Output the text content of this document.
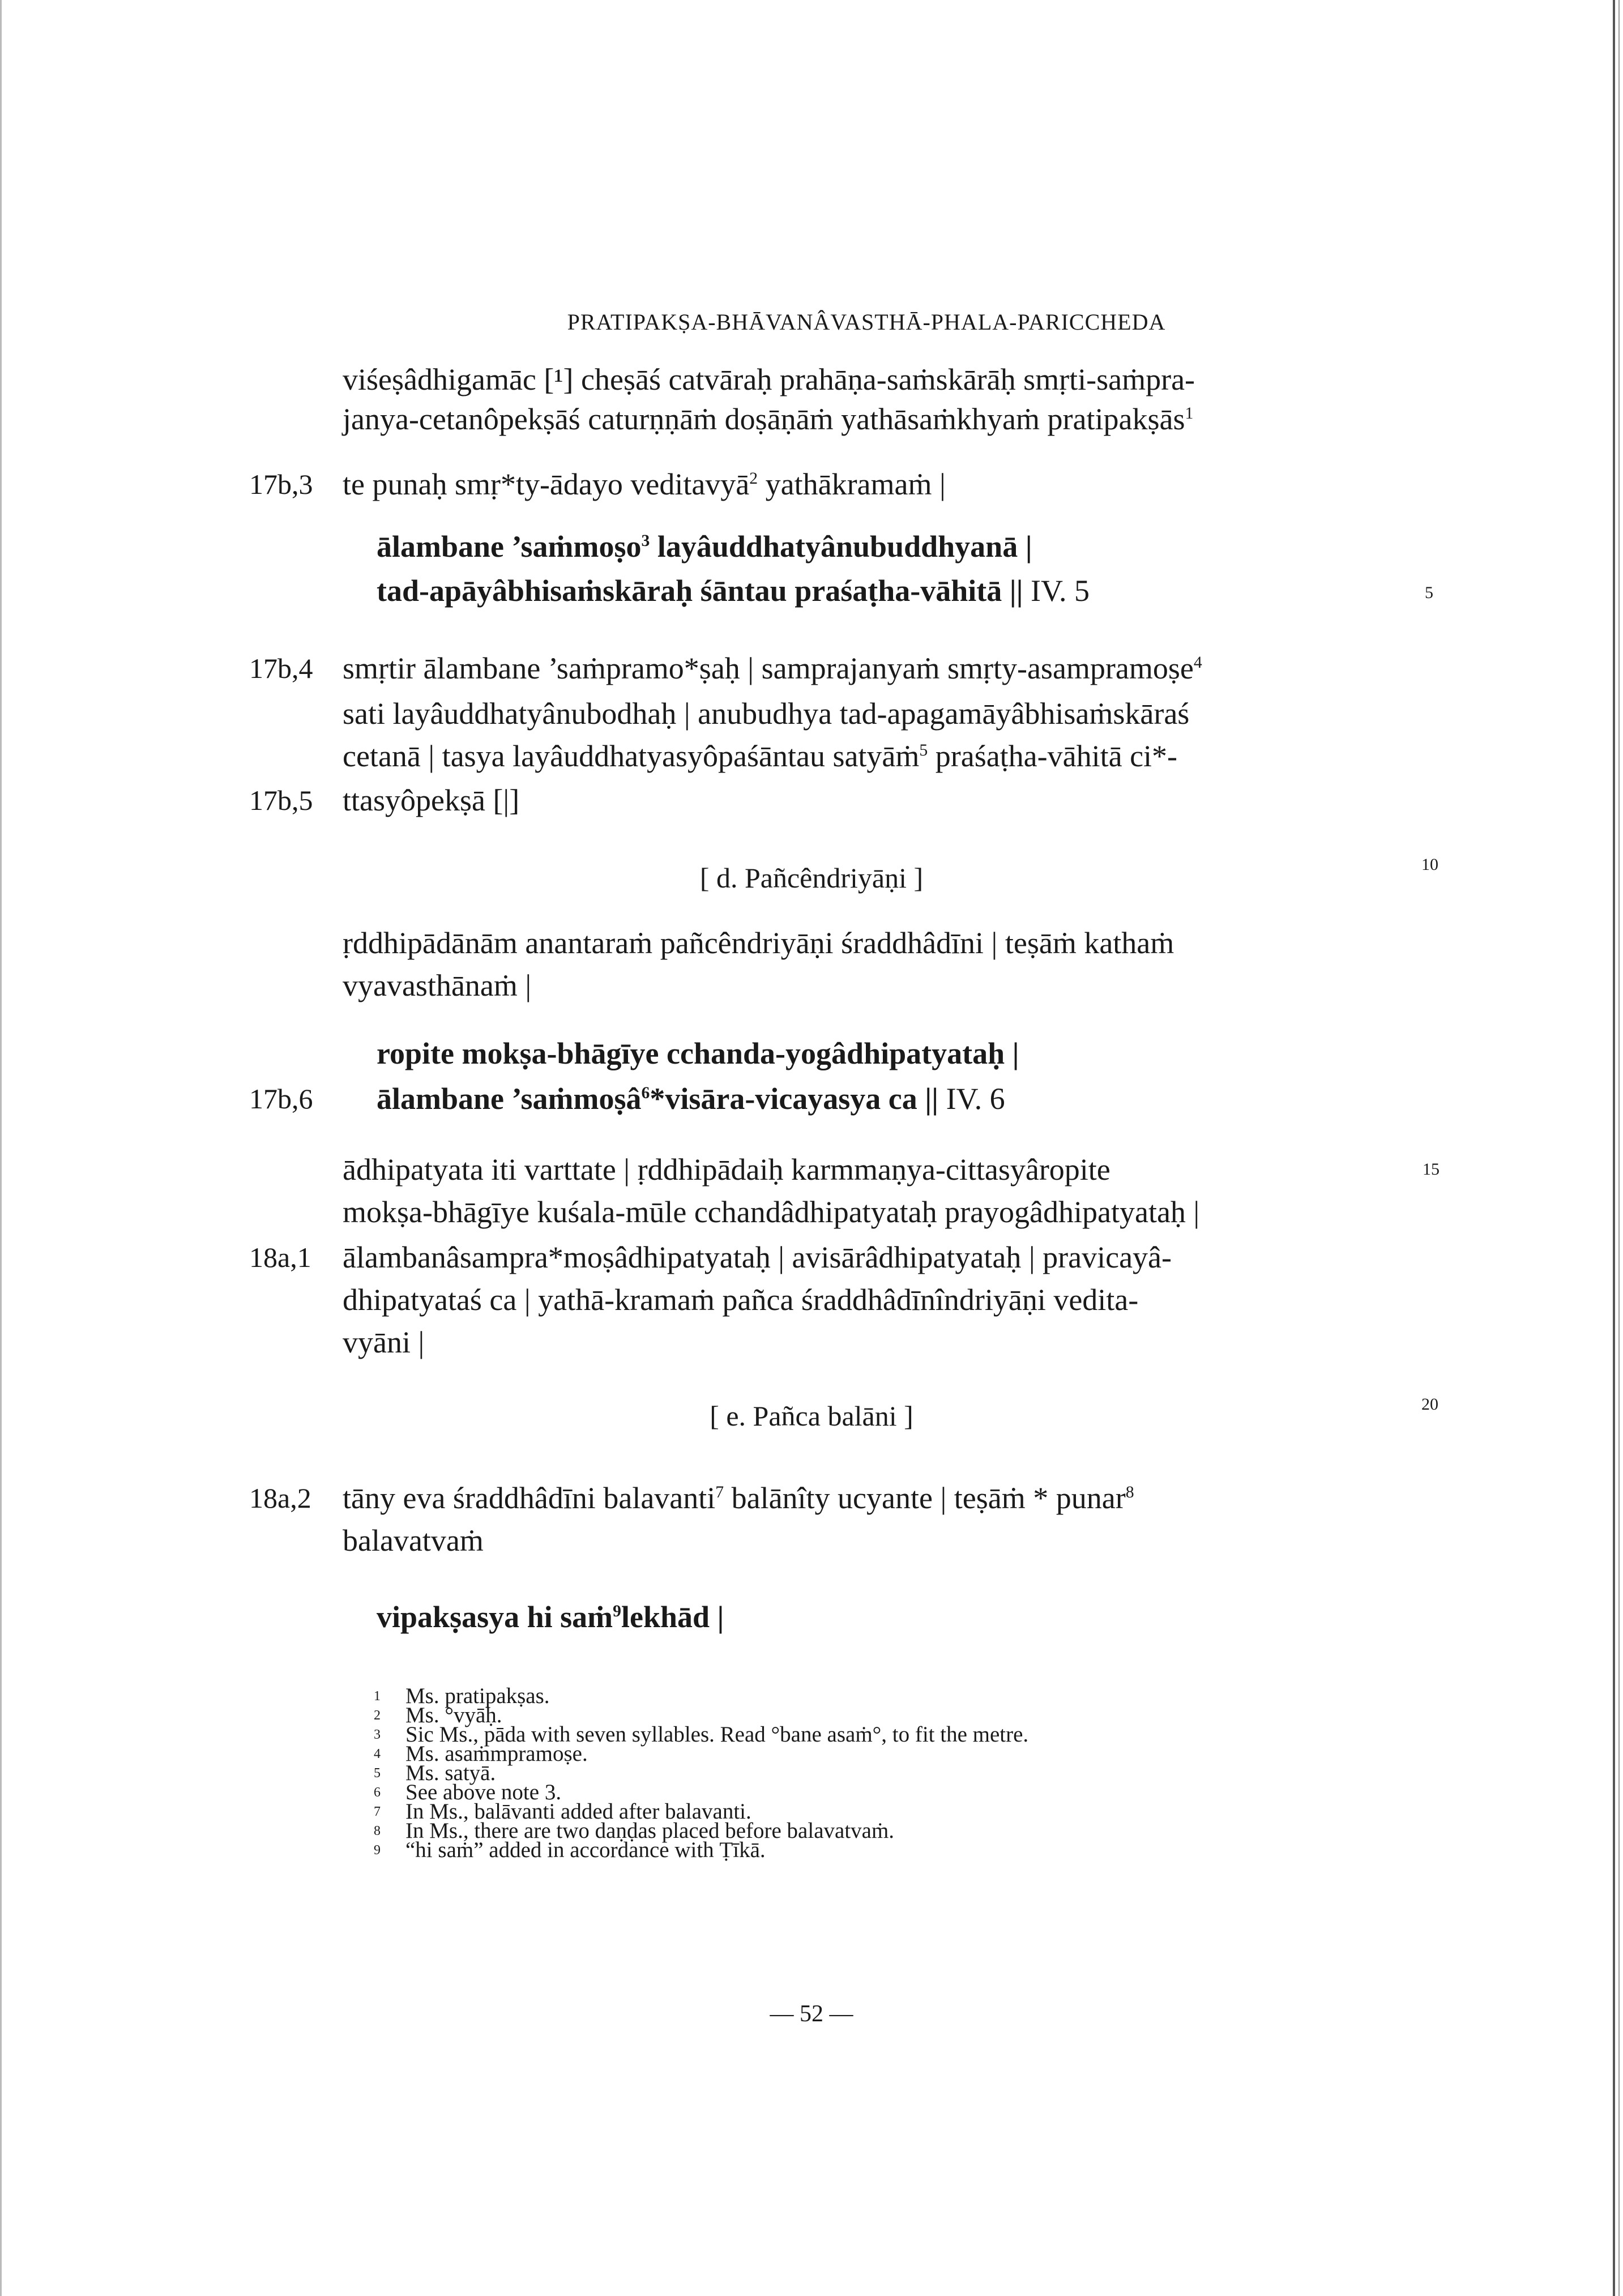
PRATIPAKṢA-BHĀVANÂVASTHĀ-PHALA-PARICCHEDA
viśeṣâdhigamāc [¹] cheṣāś catvāraḥ prahāṇa-saṁskārāḥ smṛti-saṁpra-
janya-cetanôpekṣāś caturṇṇāṁ doṣāṇāṁ yathāsaṁkhyaṁ pratipakṣās$^1$
17b,3 te punaḥ smṛ*ty-ādayo veditavyā$^2$ yathākramaṁ |
ālambane ’saṁmoṣo$^3$ layâuddhatyânubuddhyanā |
tad-apāyâbhisaṁskāraḥ śāntau praśaṭha-vāhitā || IV. 5	5
17b,4 smṛtir ālambane ’saṁpramo*ṣaḥ | samprajanyaṁ smṛty-asampramoṣe$^4$
sati layâuddhatyânubodhaḥ | anubudhya tad-apagamāyâbhisaṁskāraś
cetanā | tasya layâuddhatyasyôpaśāntau satyāṁ$^5$ praśaṭha-vāhitā ci*-
17b,5 ttasyôpekṣā [|]
[ d. Pañcêndriyāṇi ]	10
ṛddhipādānām anantaraṁ pañcêndriyāṇi śraddhâdīni | teṣāṁ kathaṁ
vyavasthānaṁ |
ropite mokṣa-bhāgīye cchanda-yogâdhipatyataḥ |
17b,6 ālambane ’saṁmoṣâ$^6$*visāra-vicayasya ca || IV. 6
ādhipatyata iti varttate | ṛddhipādaiḥ karmmaṇya-cittasyâropite	15
mokṣa-bhāgīye kuśala-mūle cchandâdhipatyataḥ prayogâdhipatyataḥ |
18a,1 ālambanâsampra*moṣâdhipatyataḥ | avisārâdhipatyataḥ | pravicayâ-
dhipatyataś ca | yathā-kramaṁ pañca śraddhâdīnîndriyāṇi vedita-
vyāni |
[ e. Pañca balāni ]	20
18a,2 tāny eva śraddhâdīni balavanti$^7$ balānîty ucyante | teṣāṁ * punar$^8$
balavatvaṁ
vipakṣasya hi saṁ$^9$lekhād |
1 Ms. pratipakṣas.
2 Ms. °vyāḥ.
3 Sic Ms., pāda with seven syllables. Read °bane asaṁ°, to fit the metre.
4 Ms. asaṁmpramoṣe.
5 Ms. satyā.
6 See above note 3.
7 In Ms., balāvanti added after balavanti.
8 In Ms., there are two daṇḍas placed before balavatvaṁ.
9 “hi saṁ” added in accordance with Ṭīkā.
— 52 —
